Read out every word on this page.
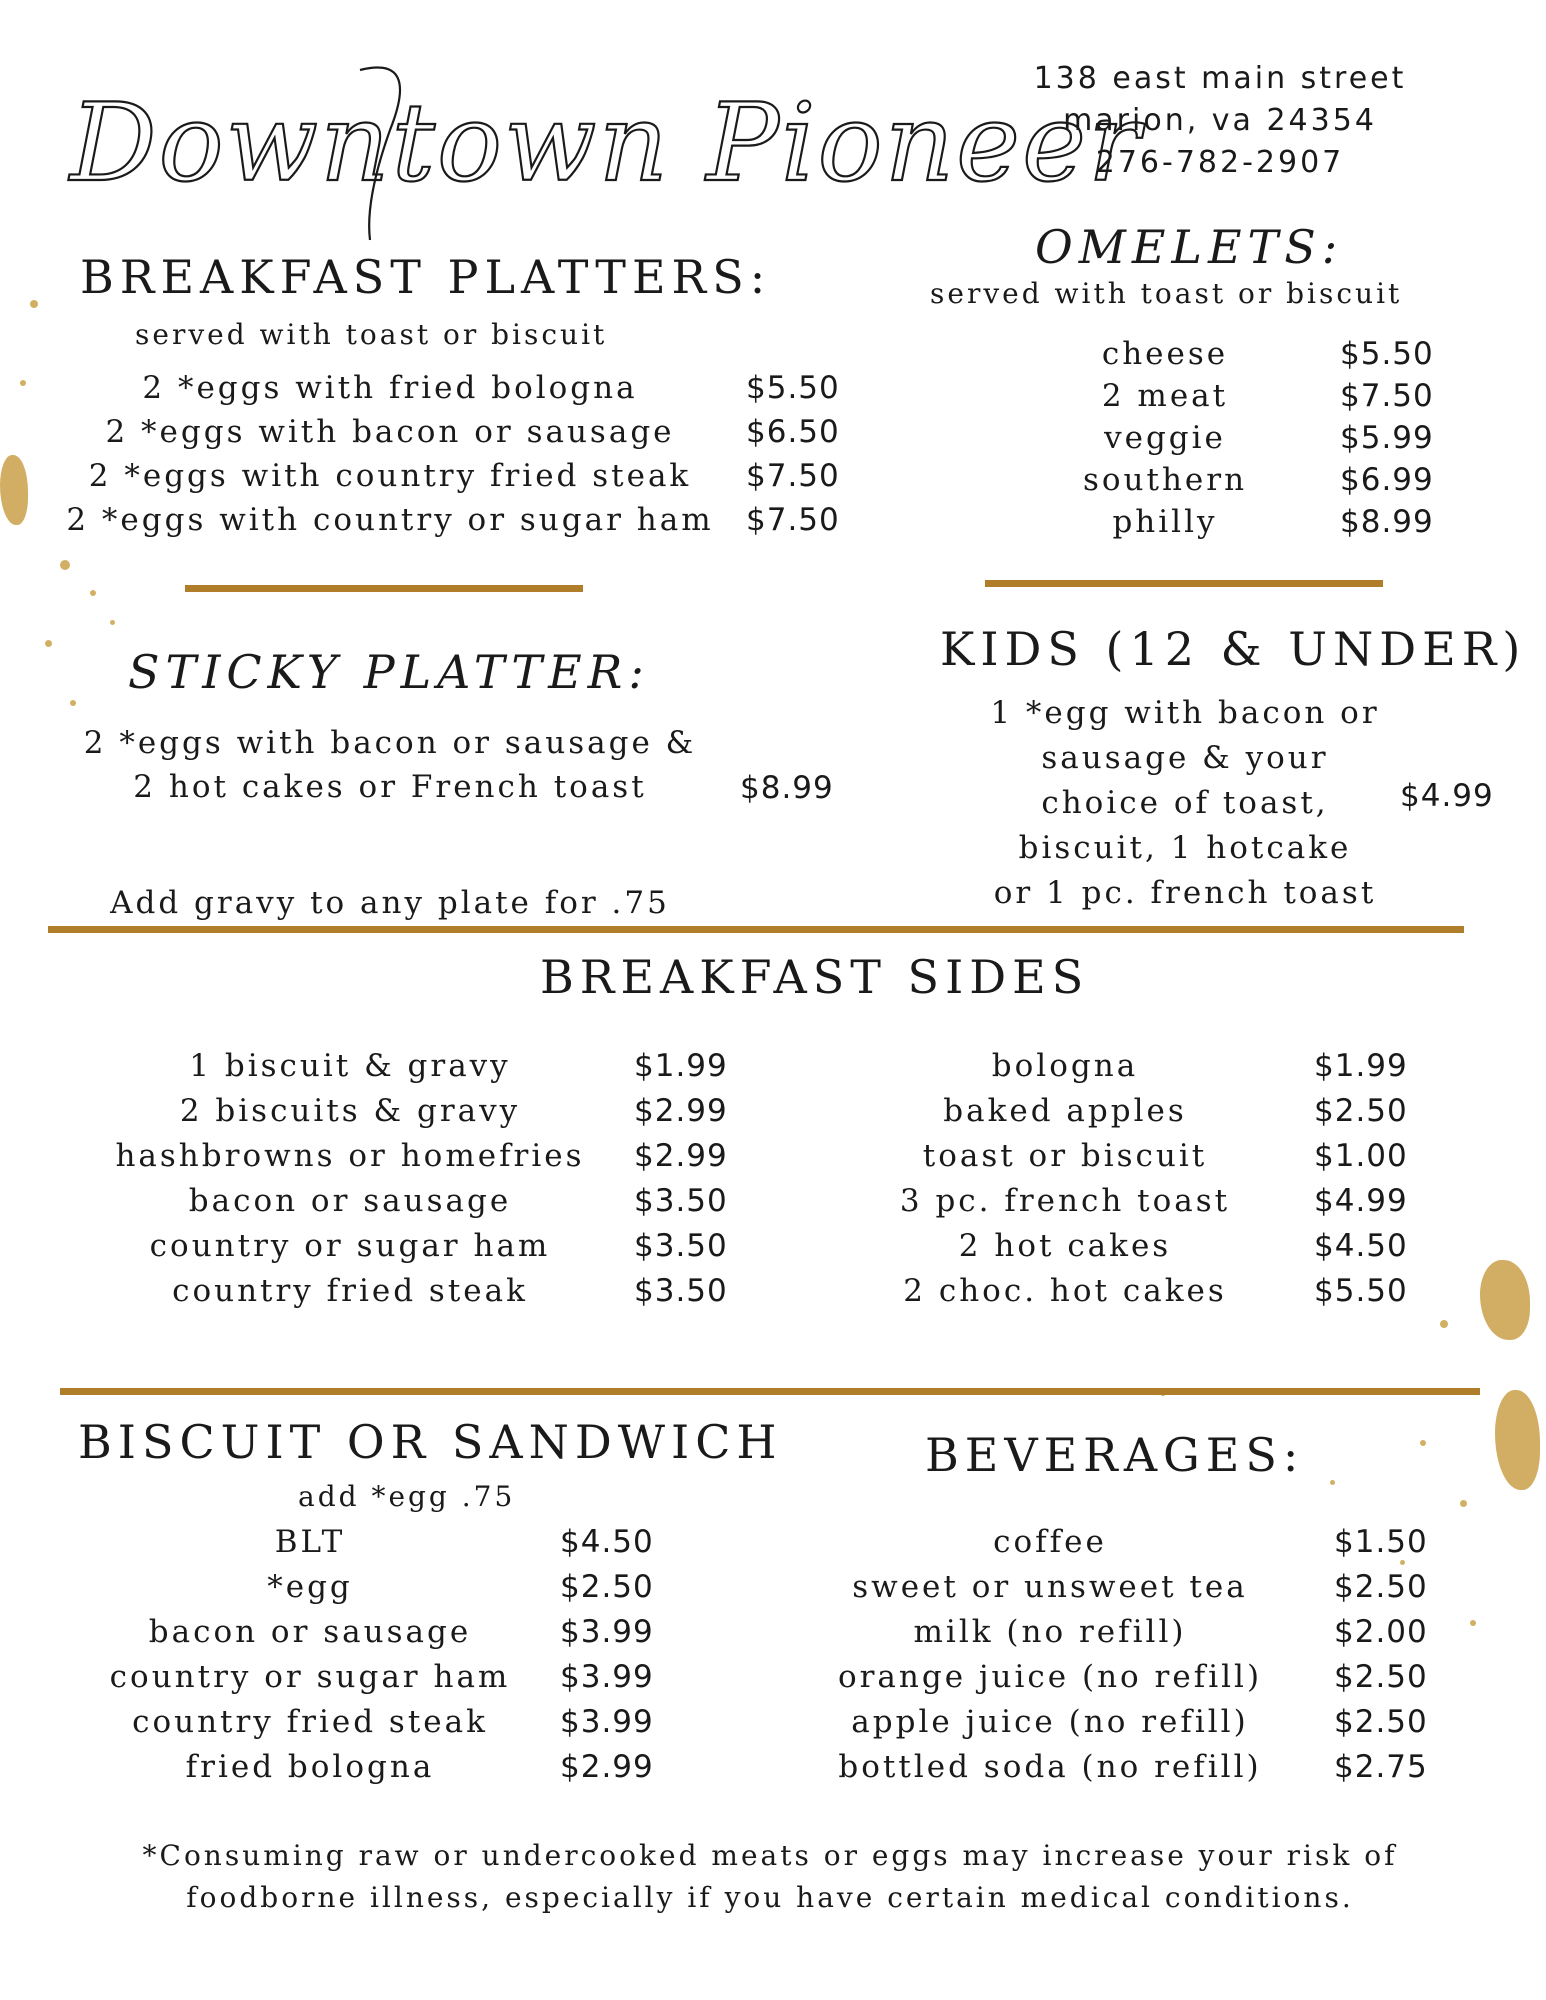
Downtown Pioneer
138 east main street
marion, va 24354
276-782-2907
BREAKFAST PLATTERS:
served with toast or biscuit
2 *eggs with fried bologna	$5.50
2 *eggs with bacon or sausage	$6.50
2 *eggs with country fried steak	$7.50
2 *eggs with country or sugar ham $7.50
OMELETS:
served with toast or biscuit
cheese	$5.50
2 meat	$7.50
veggie	$5.99
southern	$6.99
philly	$8.99
STICKY PLATTER:
2 *eggs with bacon or sausage &
2 hot cakes or French toast	$8.99
Add gravy to any plate for .75
KIDS (12 & UNDER)
1 *egg with bacon or
sausage & your
choice of toast,
biscuit, 1 hotcake
or 1 pc. french toast
$4.99
BREAKFAST SIDES
1 biscuit & gravy	$1.99
2 biscuits & gravy	$2.99
hashbrowns or homefries $2.99
bacon or sausage	$3.50
country or sugar ham	$3.50
country fried steak	$3.50
bologna	$1.99
baked apples	$2.50
toast or biscuit	$1.00
3 pc. french toast	$4.99
2 hot cakes	$4.50
2 choc. hot cakes	$5.50
BISCUIT OR SANDWICH
add *egg .75
BLT	$4.50
*egg	$2.50
bacon or sausage	$3.99
country or sugar ham	$3.99
country fried steak	$3.99
fried bologna	$2.99
BEVERAGES:
coffee	$1.50
sweet or unsweet tea	$2.50
milk (no refill)	$2.00
orange juice (no refill)	$2.50
apple juice (no refill)	$2.50
bottled soda (no refill)	$2.75
*Consuming raw or undercooked meats or eggs may increase your risk of
foodborne illness, especially if you have certain medical conditions.
